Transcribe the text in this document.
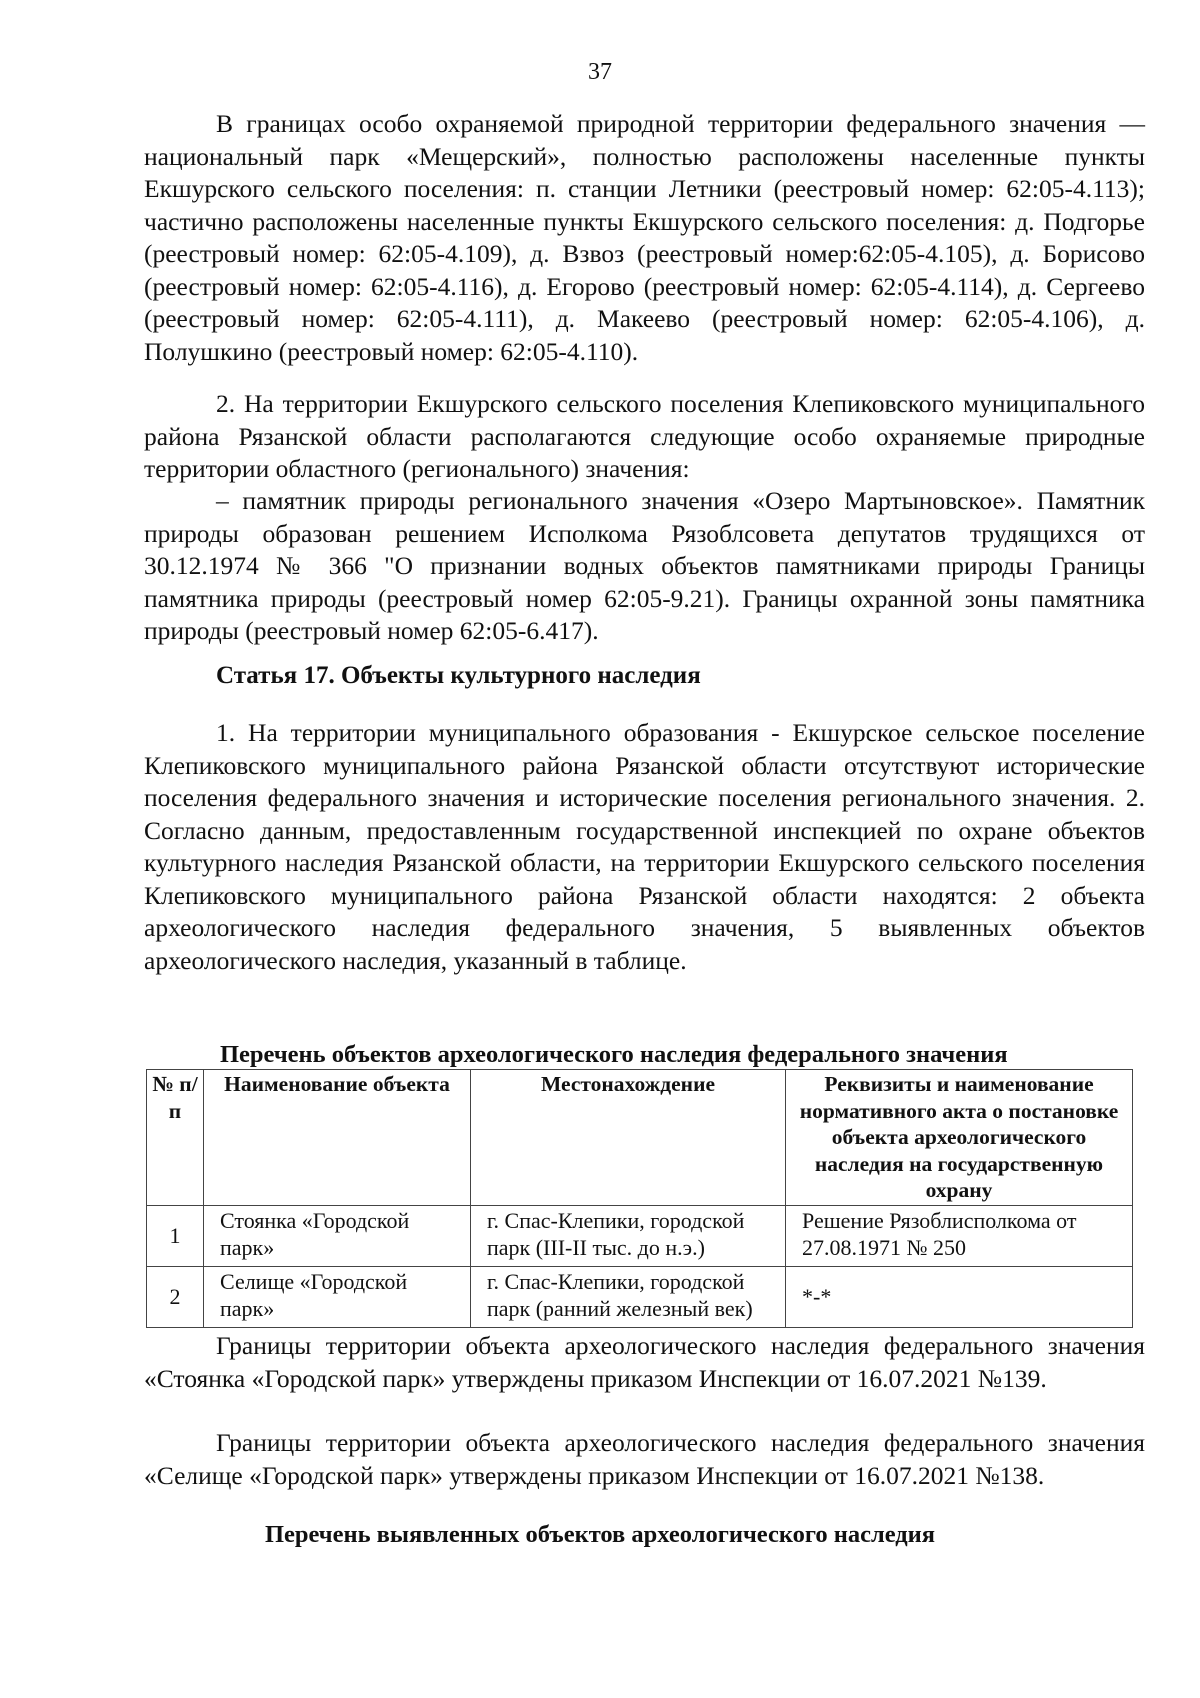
37

В границах особо охраняемой природной территории федерального значения — национальный парк «Мещерский», полностью расположены населенные пункты Екшурского сельского поселения: п. станции Летники (реестровый номер: 62:05-4.113); частично расположены населенные пункты Екшурского сельского поселения: д. Подгорье (реестровый номер: 62:05-4.109), д. Взвоз (реестровый номер:62:05-4.105), д. Борисово (реестровый номер: 62:05-4.116), д. Егорово (реестровый номер: 62:05-4.114), д. Сергеево (реестровый номер: 62:05-4.111), д. Макеево (реестровый номер: 62:05-4.106), д. Полушкино (реестровый номер: 62:05-4.110).

2. На территории Екшурского сельского поселения Клепиковского муниципального района Рязанской области располагаются следующие особо охраняемые природные территории областного (регионального) значения:

– памятник природы регионального значения «Озеро Мартыновское». Памятник природы образован решением Исполкома Рязоблсовета депутатов трудящихся от 30.12.1974 № 366 "О признании водных объектов памятниками природы Границы памятника природы (реестровый номер 62:05-9.21). Границы охранной зоны памятника природы (реестровый номер 62:05-6.417).

Статья 17. Объекты культурного наследия

1. На территории муниципального образования - Екшурское сельское поселение Клепиковского муниципального района Рязанской области отсутствуют исторические поселения федерального значения и исторические поселения регионального значения. 2. Согласно данным, предоставленным государственной инспекцией по охране объектов культурного наследия Рязанской области, на территории Екшурского сельского поселения Клепиковского муниципального района Рязанской области находятся: 2 объекта археологического наследия федерального значения, 5 выявленных объектов археологического наследия, указанный в таблице.

Перечень объектов археологического наследия федерального значения
№ п/п	Наименование объекта	Местонахождение	Реквизиты и наименование нормативного акта о постановке объекта археологического наследия на государственную охрану
1	Стоянка «Городской парк»	г. Спас-Клепики, городской парк (III-II тыс. до н.э.)	Решение Рязоблисполкома от 27.08.1971 № 250
2	Селище «Городской парк»	г. Спас-Клепики, городской парк (ранний железный век)	*-*

Границы территории объекта археологического наследия федерального значения «Стоянка «Городской парк» утверждены приказом Инспекции от 16.07.2021 №139.

Границы территории объекта археологического наследия федерального значения «Селище «Городской парк» утверждены приказом Инспекции от 16.07.2021 №138.

Перечень выявленных объектов археологического наследия
